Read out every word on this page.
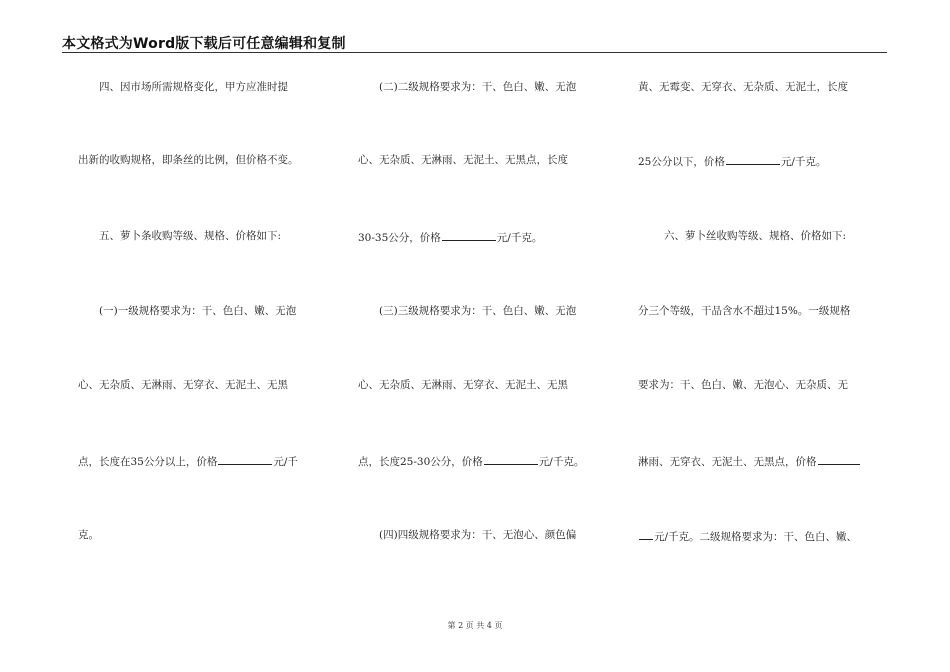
本文格式为Word版下载后可任意编辑和复制
四、因市场所需规格变化，甲方应准时提
出新的收购规格，即条丝的比例，但价格不变。
五、萝卜条收购等级、规格、价格如下:
(一)一级规格要求为：干、色白、嫩、无泡
心、无杂质、无淋雨、无穿衣、无泥土、无黑
点，长度在35公分以上，价格	元/千
克。
(二)二级规格要求为：干、色白、嫩、无泡
心、无杂质、无淋雨、无泥土、无黑点，长度
30-35公分，价格	元/千克。
(三)三级规格要求为：干、色白、嫩、无泡
心、无杂质、无淋雨、无穿衣、无泥土、无黑
点，长度25-30公分，价格	元/千克。
(四)四级规格要求为：干、无泡心、颜色偏
黄、无霉变、无穿衣、无杂质、无泥土，长度
25公分以下，价格	元/千克。
六、萝卜丝收购等级、规格、价格如下:
分三个等级，干品含水不超过15%。一级规格
要求为：干、色白、嫩、无泡心、无杂质、无
淋雨、无穿衣、无泥土、无黑点，价格
元/千克。二级规格要求为：干、色白、嫩、
第 2 页 共 4 页
